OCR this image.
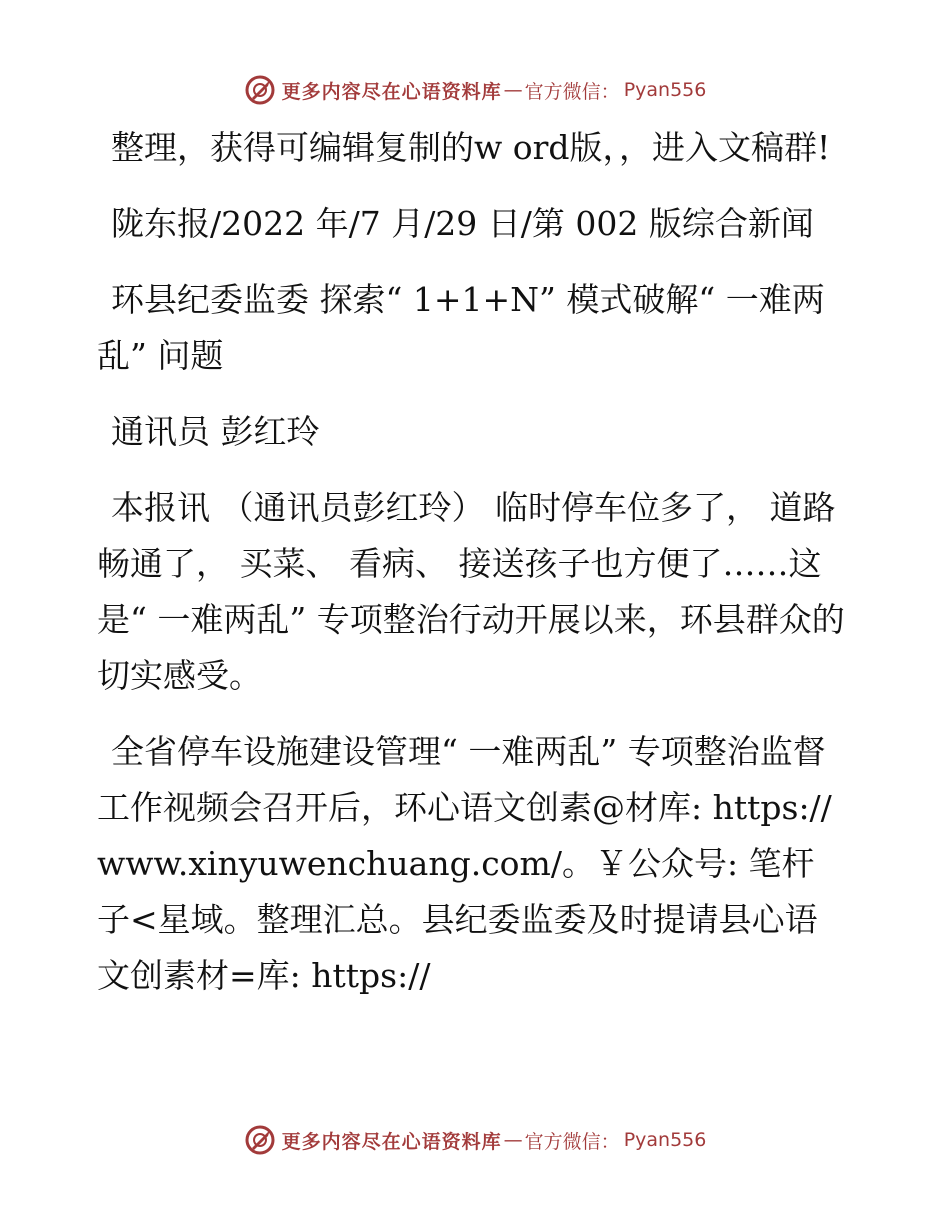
更多内容尽在心语资料库 — 官方微信： Pyan556

整理，获得可编辑复制的w ord版，，进入文稿群!

陇东报/2022 年/7 月/29 日/第 002 版综合新闻

环县纪委监委 探索“ 1+1+N” 模式破解“ 一难两乱” 问题

通讯员 彭红玲

本报讯 （通讯员彭红玲） 临时停车位多了， 道路畅通了， 买菜、 看病、 接送孩子也方便了……这是“ 一难两乱” 专项整治行动开展以来，环县群众的切实感受。

全省停车设施建设管理“ 一难两乱” 专项整治监督工作视频会召开后，环心语文创素@材库: https://www.xinyuwenchuang.com/。￥公众号: 笔杆子<星域。整理汇总。县纪委监委及时提请县心语文创素材=库: https://

更多内容尽在心语资料库 — 官方微信： Pyan556
